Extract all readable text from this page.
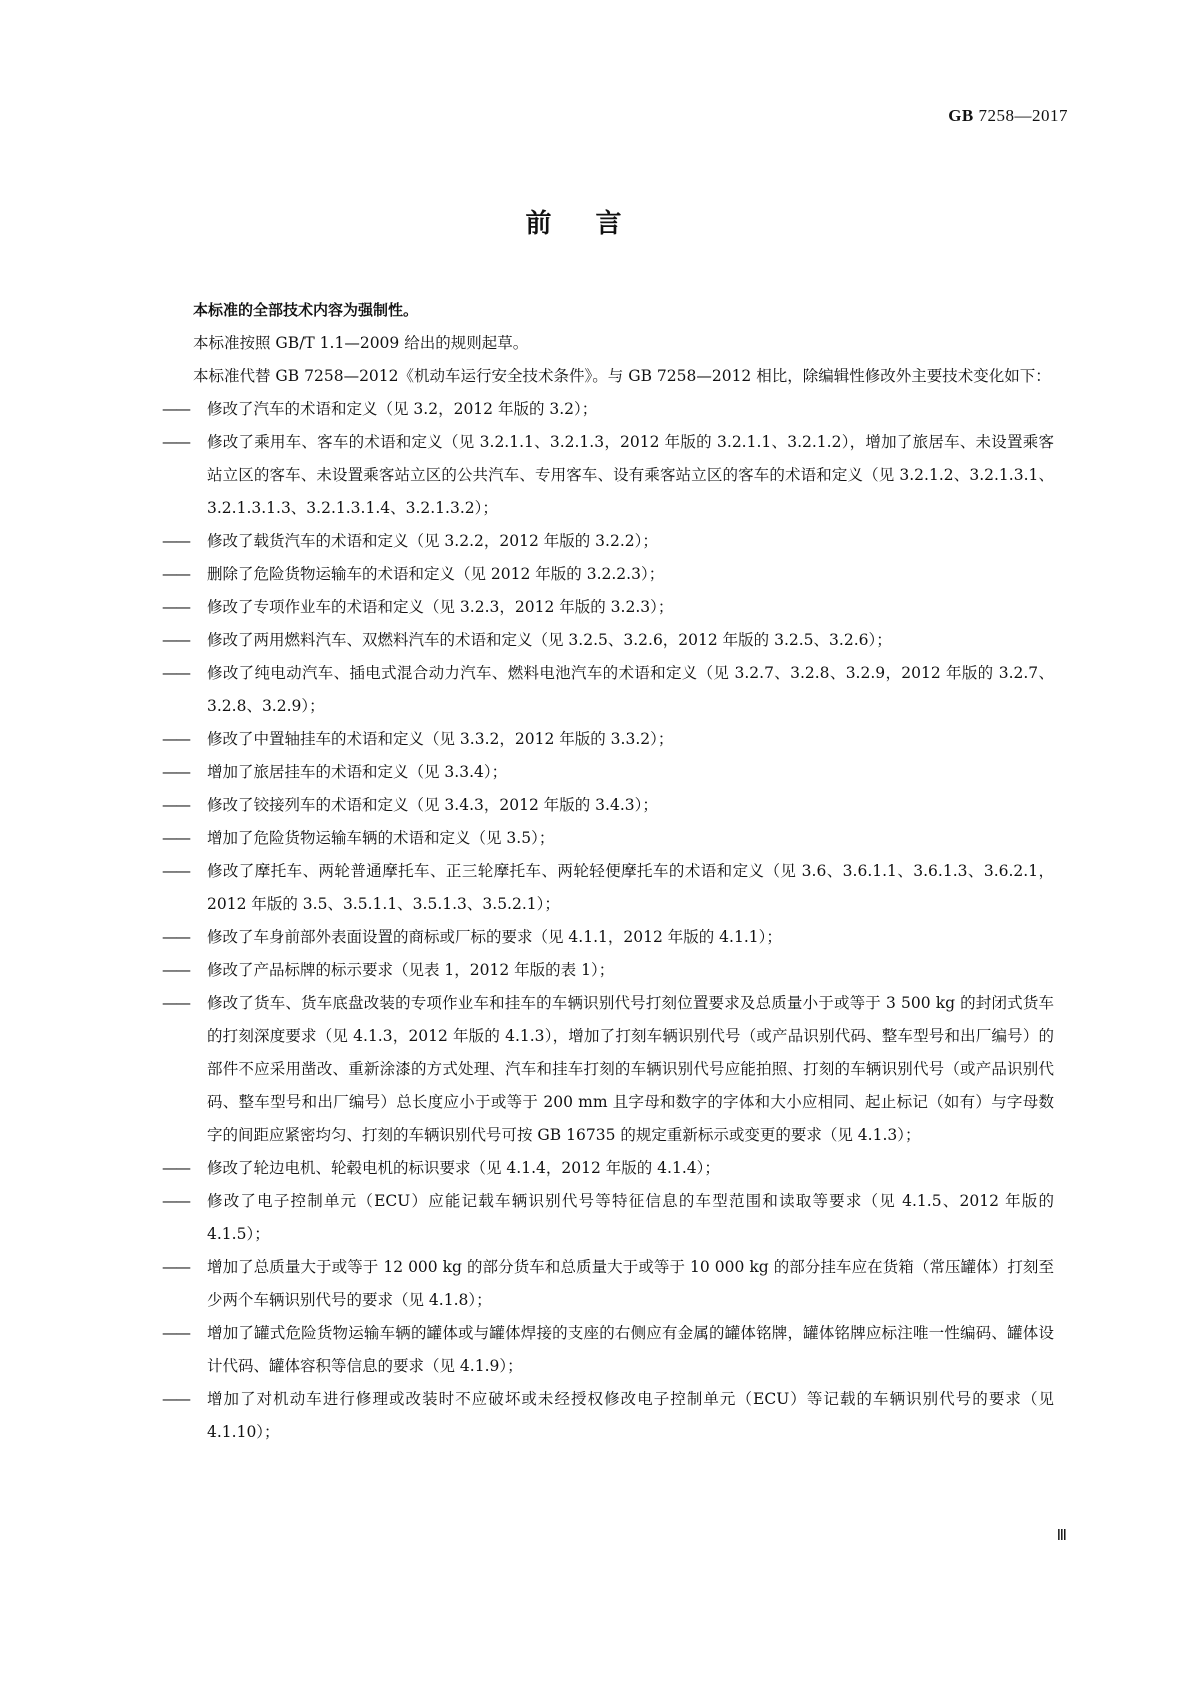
GB 7258—2017
前言

本标准的全部技术内容为强制性。

本标准按照 GB/T 1.1—2009 给出的规则起草。

本标准代替 GB 7258—2012《机动车运行安全技术条件》。与 GB 7258—2012 相比，除编辑性修改外主要技术变化如下：

——	修改了汽车的术语和定义（见 3.2，2012 年版的 3.2）；

——	修改了乘用车、客车的术语和定义（见 3.2.1.1、3.2.1.3，2012 年版的 3.2.1.1、3.2.1.2），增加了旅居车、未设置乘客站立区的客车、未设置乘客站立区的公共汽车、专用客车、设有乘客站立区的客车的术语和定义（见 3.2.1.2、3.2.1.3.1、3.2.1.3.1.3、3.2.1.3.1.4、3.2.1.3.2）；

——	修改了载货汽车的术语和定义（见 3.2.2，2012 年版的 3.2.2）；

——	删除了危险货物运输车的术语和定义（见 2012 年版的 3.2.2.3）；

——	修改了专项作业车的术语和定义（见 3.2.3，2012 年版的 3.2.3）；

——	修改了两用燃料汽车、双燃料汽车的术语和定义（见 3.2.5、3.2.6，2012 年版的 3.2.5、3.2.6）；

——	修改了纯电动汽车、插电式混合动力汽车、燃料电池汽车的术语和定义（见 3.2.7、3.2.8、3.2.9，2012 年版的 3.2.7、3.2.8、3.2.9）；

——	修改了中置轴挂车的术语和定义（见 3.3.2，2012 年版的 3.3.2）；

——	增加了旅居挂车的术语和定义（见 3.3.4）；

——	修改了铰接列车的术语和定义（见 3.4.3，2012 年版的 3.4.3）；

——	增加了危险货物运输车辆的术语和定义（见 3.5）；

——	修改了摩托车、两轮普通摩托车、正三轮摩托车、两轮轻便摩托车的术语和定义（见 3.6、3.6.1.1、3.6.1.3、3.6.2.1，2012 年版的 3.5、3.5.1.1、3.5.1.3、3.5.2.1）；

——	修改了车身前部外表面设置的商标或厂标的要求（见 4.1.1，2012 年版的 4.1.1）；

——	修改了产品标牌的标示要求（见表 1，2012 年版的表 1）；

——	修改了货车、货车底盘改装的专项作业车和挂车的车辆识别代号打刻位置要求及总质量小于或等于 3 500 kg 的封闭式货车的打刻深度要求（见 4.1.3，2012 年版的 4.1.3），增加了打刻车辆识别代号（或产品识别代码、整车型号和出厂编号）的部件不应采用凿改、重新涂漆的方式处理、汽车和挂车打刻的车辆识别代号应能拍照、打刻的车辆识别代号（或产品识别代码、整车型号和出厂编号）总长度应小于或等于 200 mm 且字母和数字的字体和大小应相同、起止标记（如有）与字母数字的间距应紧密均匀、打刻的车辆识别代号可按 GB 16735 的规定重新标示或变更的要求（见 4.1.3）；

——	修改了轮边电机、轮毂电机的标识要求（见 4.1.4，2012 年版的 4.1.4）；

——	修改了电子控制单元（ECU）应能记载车辆识别代号等特征信息的车型范围和读取等要求（见 4.1.5、2012 年版的 4.1.5）；

——	增加了总质量大于或等于 12 000 kg 的部分货车和总质量大于或等于 10 000 kg 的部分挂车应在货箱（常压罐体）打刻至少两个车辆识别代号的要求（见 4.1.8）；

——	增加了罐式危险货物运输车辆的罐体或与罐体焊接的支座的右侧应有金属的罐体铭牌，罐体铭牌应标注唯一性编码、罐体设计代码、罐体容积等信息的要求（见 4.1.9）；

——	增加了对机动车进行修理或改装时不应破坏或未经授权修改电子控制单元（ECU）等记载的车辆识别代号的要求（见 4.1.10）；

Ⅲ
